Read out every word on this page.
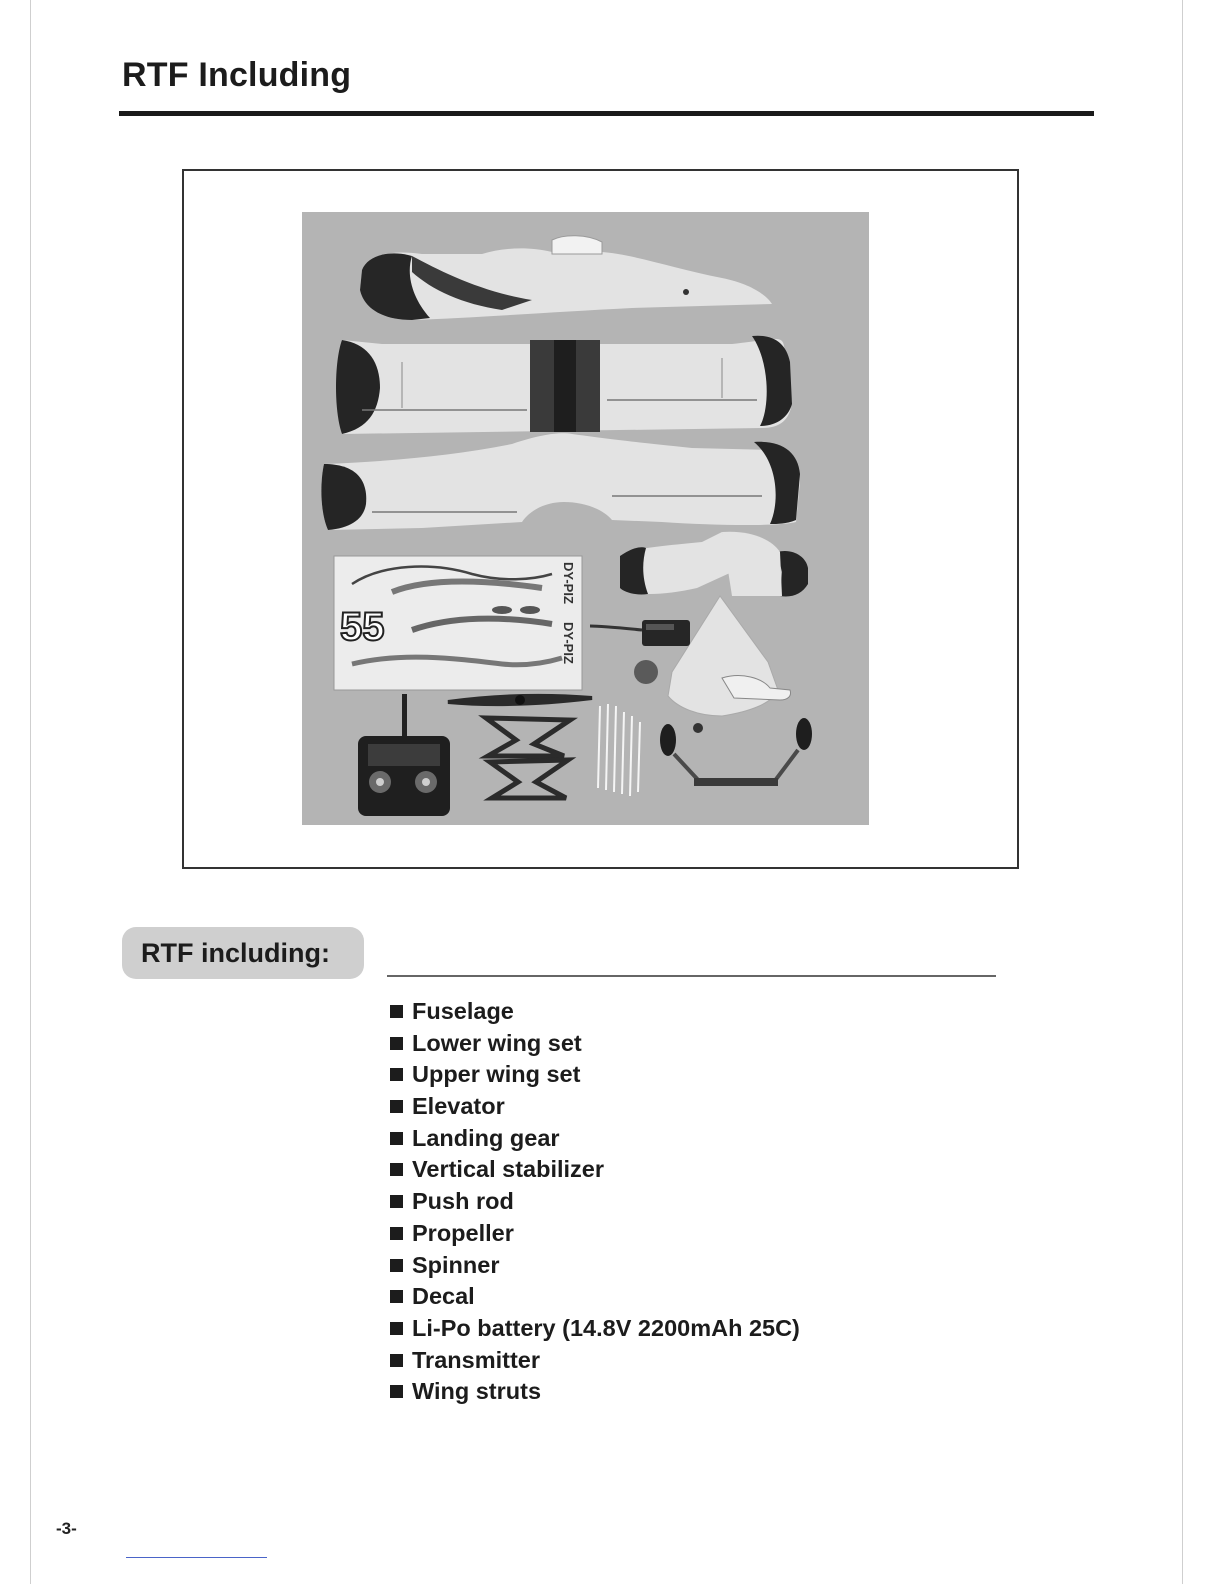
RTF Including
55
DY-PIZ
DY-PIZ
RTF including:
Fuselage
Lower wing set
Upper wing set
Elevator
Landing gear
Vertical stabilizer
Push rod
Propeller
Spinner
Decal
Li-Po battery (14.8V 2200mAh 25C)
Transmitter
Wing struts
-3-
